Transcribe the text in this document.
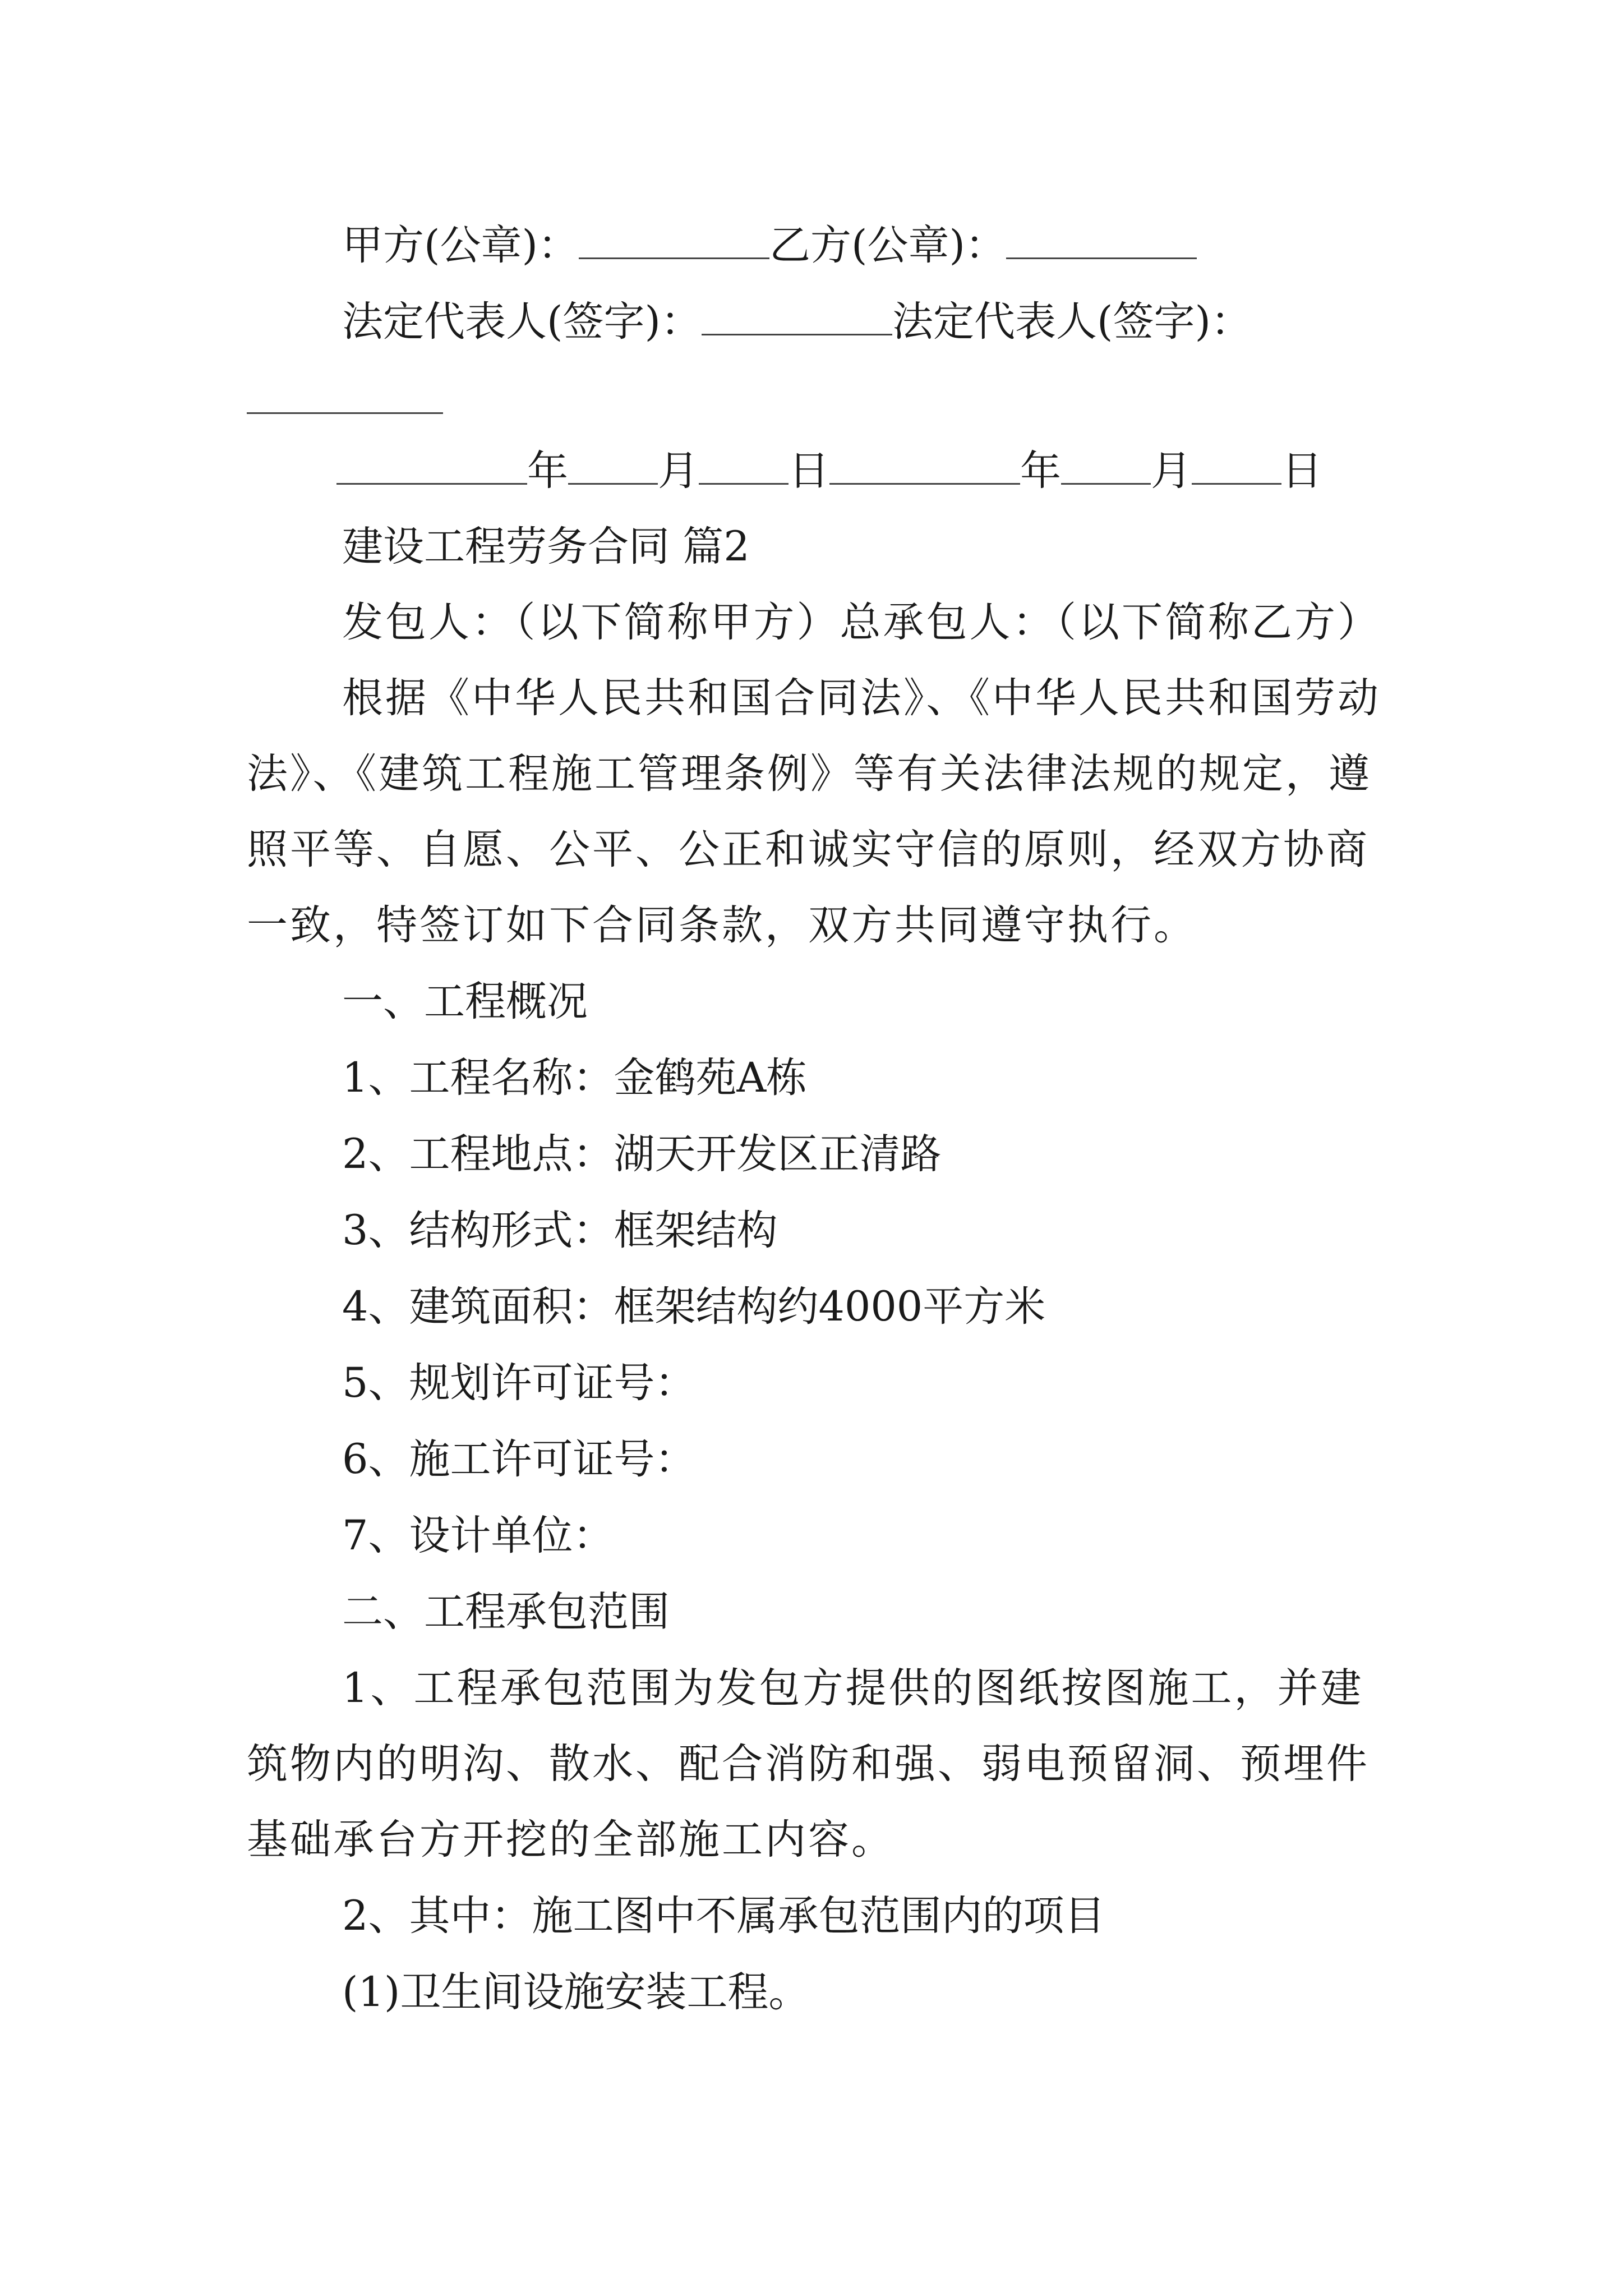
甲方(公章)：	乙方(公章)：
法定代表人(签字)：	法定代表人(签字)：
年 月 日	年 月 日
建设工程劳务合同 篇2
发包人：（以下简称甲方）总承包人：（以下简称乙方）
根据《中华人民共和国合同法》、《中华人民共和国劳动
法》、《建筑工程施工管理条例》等有关法律法规的规定，遵
照平等、自愿、公平、公正和诚实守信的原则，经双方协商
一致，特签订如下合同条款，双方共同遵守执行。
一、工程概况
1、工程名称：金鹤苑A栋
2、工程地点：湖天开发区正清路
3、结构形式：框架结构
4、建筑面积：框架结构约4000平方米
5、规划许可证号：
6、施工许可证号：
7、设计单位：
二、工程承包范围
1、工程承包范围为发包方提供的图纸按图施工，并建
筑物内的明沟、散水、配合消防和强、弱电预留洞、预埋件
基础承台方开挖的全部施工内容。
2、其中：施工图中不属承包范围内的项目
(1)卫生间设施安装工程。
